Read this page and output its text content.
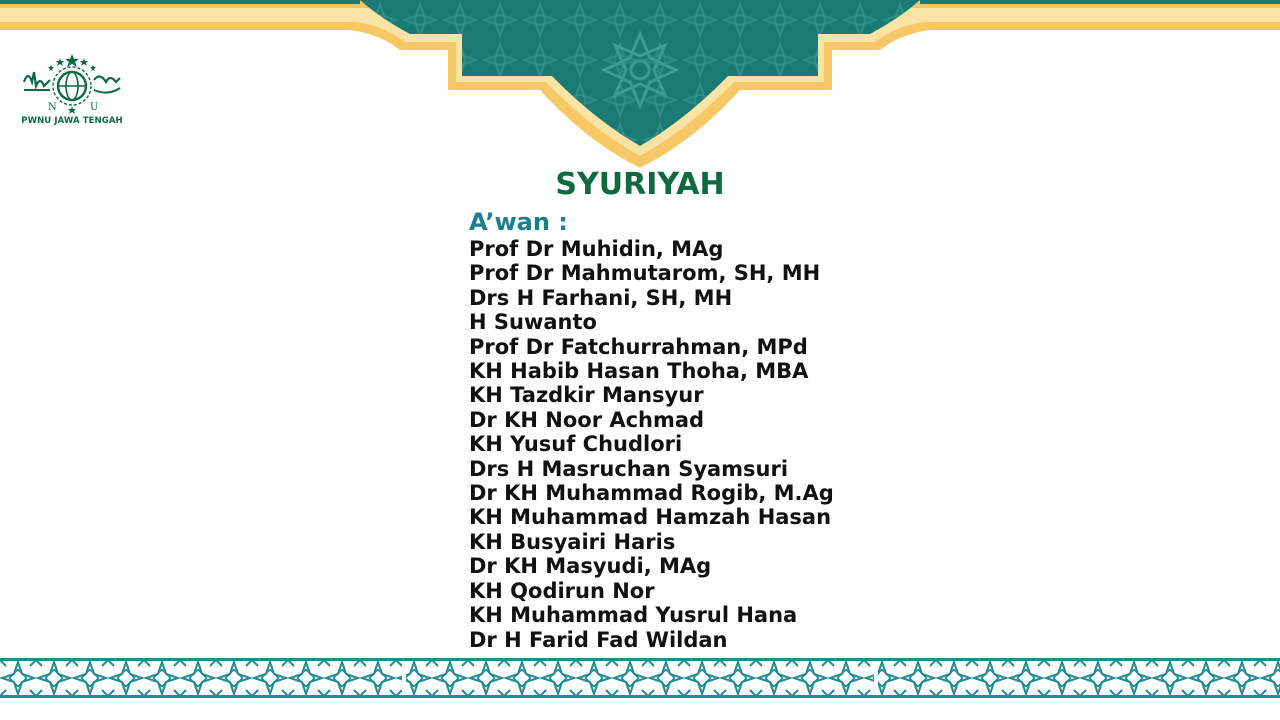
N	U
PWNU JAWA TENGAH
SYURIYAH
A’wan :
Prof Dr Muhidin, MAg
Prof Dr Mahmutarom, SH, MH
Drs H Farhani, SH, MH
H Suwanto
Prof Dr Fatchurrahman, MPd
KH Habib Hasan Thoha, MBA
KH Tazdkir Mansyur
Dr KH Noor Achmad
KH Yusuf Chudlori
Drs H Masruchan Syamsuri
Dr KH Muhammad Rogib, M.Ag
KH Muhammad Hamzah Hasan
KH Busyairi Haris
Dr KH Masyudi, MAg
KH Qodirun Nor
KH Muhammad Yusrul Hana
Dr H Farid Fad Wildan
